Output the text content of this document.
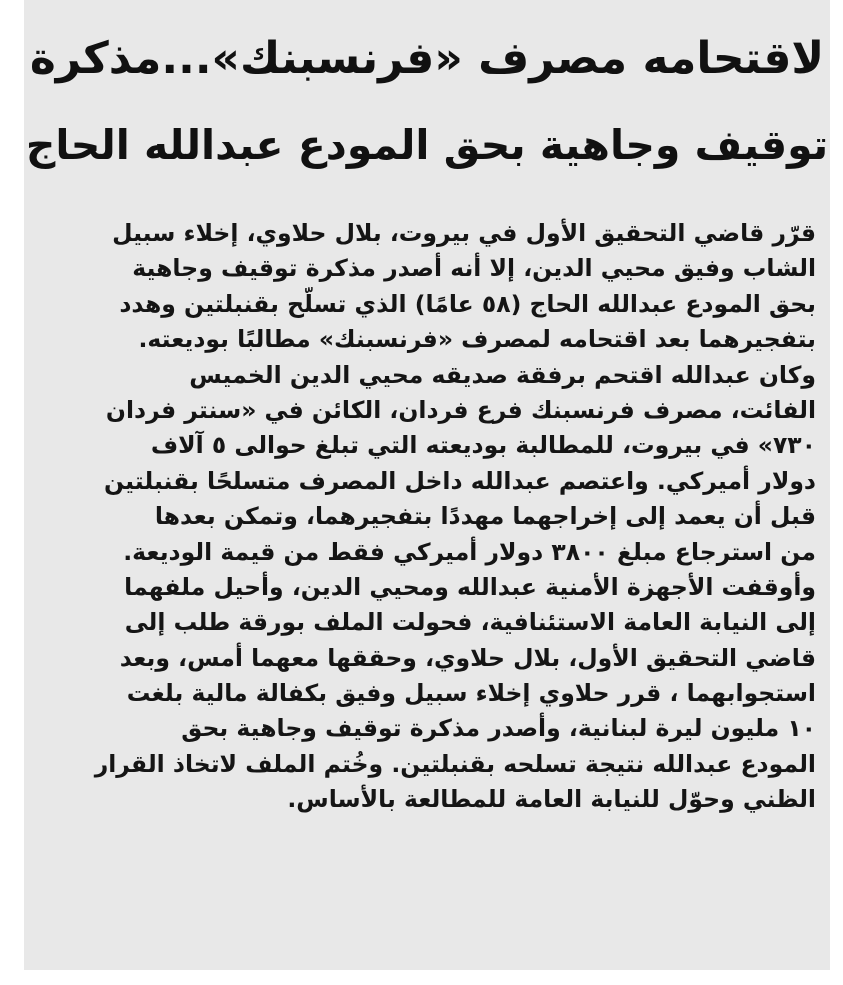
لاقتحامه مصرف «فرنسبنك»...مذكرة
توقيف وجاهية بحق المودع عبدالله الحاج
قرّر قاضي التحقيق الأول في بيروت، بلال حلاوي، إخلاء سبيل
الشاب وفيق محيي الدين، إلا أنه أصدر مذكرة توقيف وجاهية
بحق المودع عبدالله الحاج (٥٨ عامًا) الذي تسلّح بقنبلتين وهدد
بتفجيرهما بعد اقتحامه لمصرف «فرنسبنك» مطالبًا بوديعته.
وكان عبدالله اقتحم برفقة صديقه محيي الدين الخميس
الفائت، مصرف فرنسبنك فرع فردان، الكائن في «سنتر فردان
٧٣٠» في بيروت، للمطالبة بوديعته التي تبلغ حوالى ٥ آلاف
دولار أميركي. واعتصم عبدالله داخل المصرف متسلحًا بقنبلتين
قبل أن يعمد إلى إخراجهما مهددًا بتفجيرهما، وتمكن بعدها
من استرجاع مبلغ ٣٨٠٠ دولار أميركي فقط من قيمة الوديعة.
وأوقفت الأجهزة الأمنية عبدالله ومحيي الدين، وأحيل ملفهما
إلى النيابة العامة الاستئنافية، فحولت الملف بورقة طلب إلى
قاضي التحقيق الأول، بلال حلاوي، وحققها معهما أمس، وبعد
استجوابهما ، قرر حلاوي إخلاء سبيل وفيق بكفالة مالية بلغت
١٠ مليون ليرة لبنانية، وأصدر مذكرة توقيف وجاهية بحق
المودع عبدالله نتيجة تسلحه بقنبلتين. وخُتم الملف لاتخاذ القرار
الظني وحوّل للنيابة العامة للمطالعة بالأساس.
